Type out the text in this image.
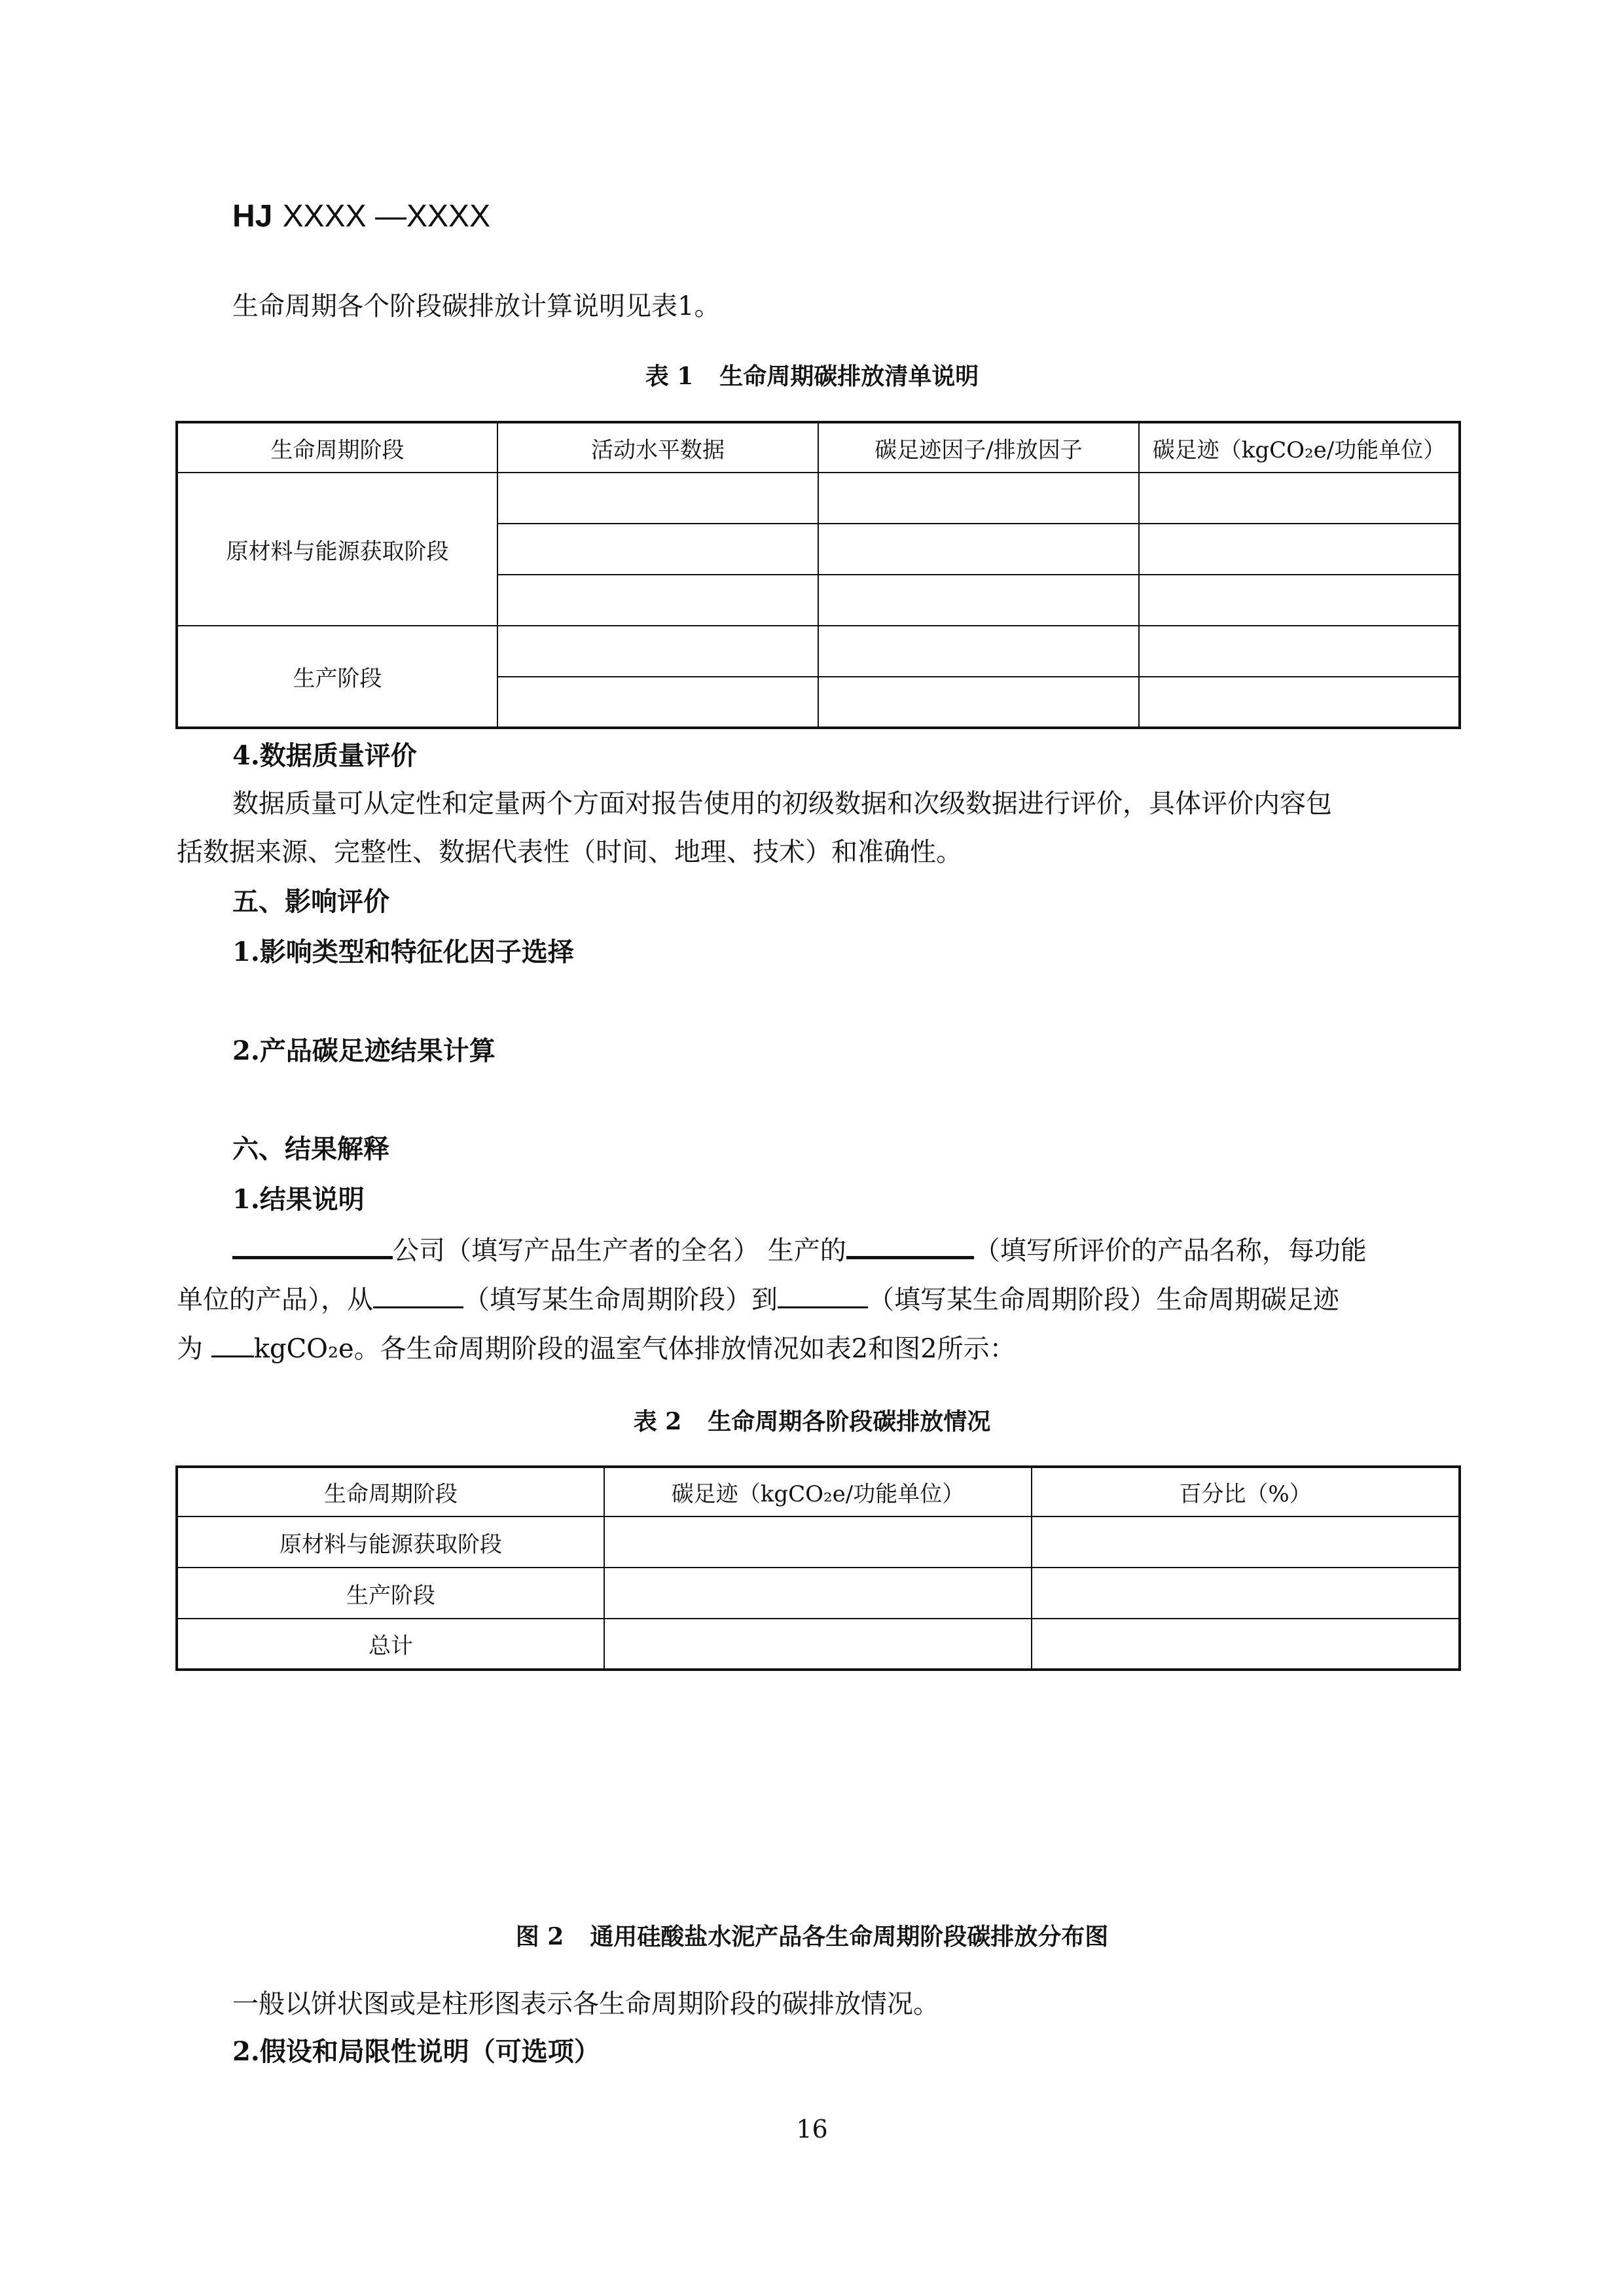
HJ XXXX —XXXX
生命周期各个阶段碳排放计算说明见表1。
表 1 生命周期碳排放清单说明
生命周期阶段	活动水平数据	碳足迹因子/排放因子	碳足迹（kgCO₂e/功能单位）
原材料与能源获取阶段			

生产阶段			

4.数据质量评价
数据质量可从定性和定量两个方面对报告使用的初级数据和次级数据进行评价，具体评价内容包
括数据来源、完整性、数据代表性（时间、地理、技术）和准确性。
五、影响评价
1.影响类型和特征化因子选择
2.产品碳足迹结果计算
六、结果解释
1.结果说明
公司（填写产品生产者的全名） 生产的	（填写所评价的产品名称，每功能
单位的产品），从	（填写某生命周期阶段）到	（填写某生命周期阶段）生命周期碳足迹
为 kgCO₂e。各生命周期阶段的温室气体排放情况如表2和图2所示：
表 2 生命周期各阶段碳排放情况
生命周期阶段	碳足迹（kgCO₂e/功能单位）	百分比（%）
原材料与能源获取阶段		
生产阶段		
总计		
图 2 通用硅酸盐水泥产品各生命周期阶段碳排放分布图
一般以饼状图或是柱形图表示各生命周期阶段的碳排放情况。
2.假设和局限性说明（可选项）
16
